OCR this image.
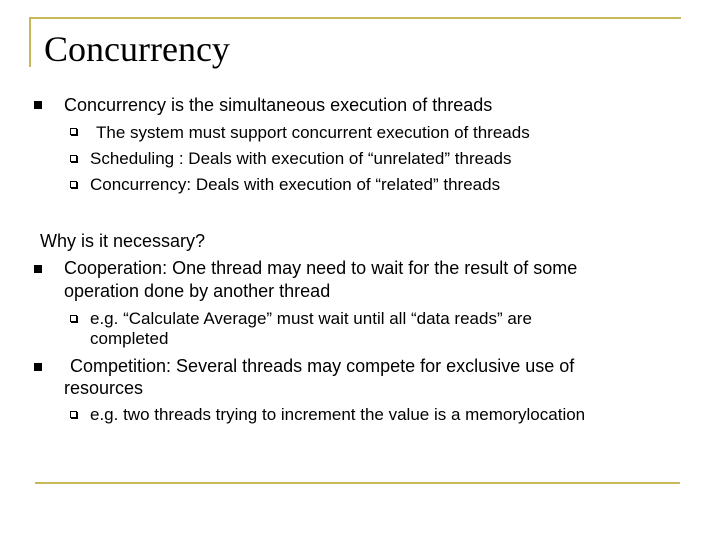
Concurrency

Concurrency is the simultaneous execution of threads

The system must support concurrent execution of threads

Scheduling : Deals with execution of “unrelated” threads

Concurrency: Deals with execution of “related” threads

Why is it necessary?

Cooperation: One thread may need to wait for the result of some

operation done by another thread

e.g. “Calculate Average” must wait until all “data reads” are

completed

Competition: Several threads may compete for exclusive use of

resources

e.g. two threads trying to increment the value is a memorylocation
